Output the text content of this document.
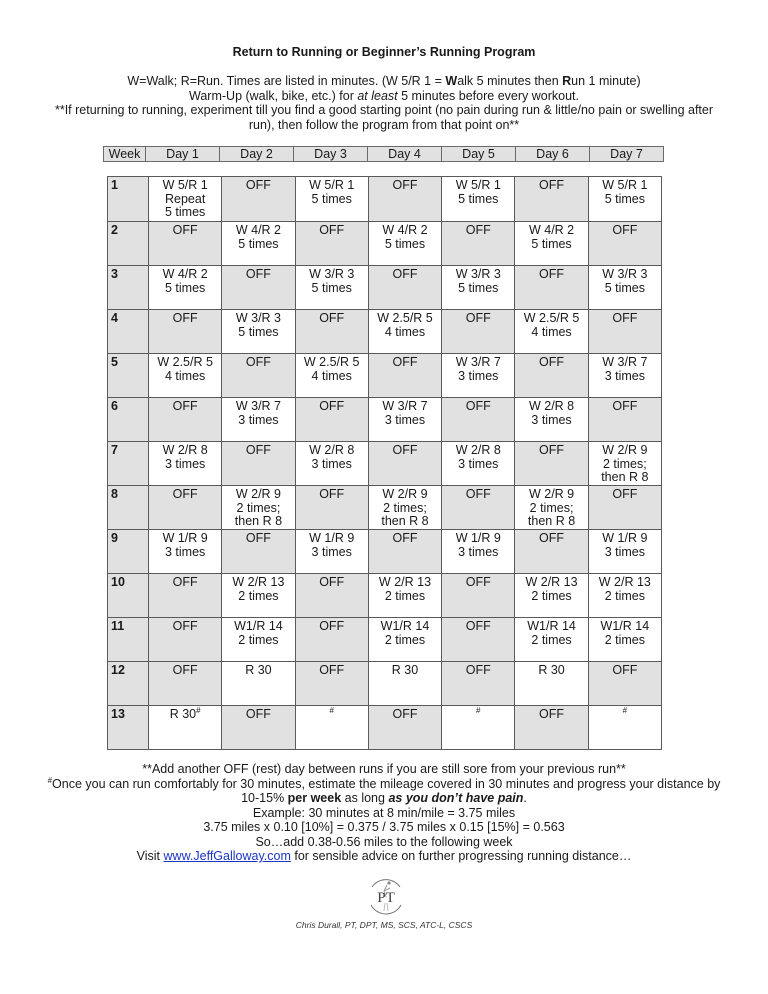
Return to Running or Beginner’s Running Program
W=Walk; R=Run. Times are listed in minutes. (W 5/R 1 = Walk 5 minutes then Run 1 minute)
Warm-Up (walk, bike, etc.) for at least 5 minutes before every workout.
**If returning to running, experiment till you find a good starting point (no pain during run & little/no pain or swelling after
run), then follow the program from that point on**
Week	Day 1	Day 2	Day 3	Day 4	Day 5	Day 6	Day 7
1	W 5/R 1
Repeat
5 times	OFF	W 5/R 1
5 times	OFF	W 5/R 1
5 times	OFF	W 5/R 1
5 times

2	OFF	W 4/R 2
5 times	OFF	W 4/R 2
5 times	OFF	W 4/R 2
5 times	OFF

3	W 4/R 2
5 times	OFF	W 3/R 3
5 times	OFF	W 3/R 3
5 times	OFF	W 3/R 3
5 times

4	OFF	W 3/R 3
5 times	OFF	W 2.5/R 5
4 times	OFF	W 2.5/R 5
4 times	OFF

5	W 2.5/R 5
4 times	OFF	W 2.5/R 5
4 times	OFF	W 3/R 7
3 times	OFF	W 3/R 7
3 times

6	OFF	W 3/R 7
3 times	OFF	W 3/R 7
3 times	OFF	W 2/R 8
3 times	OFF

7	W 2/R 8
3 times	OFF	W 2/R 8
3 times	OFF	W 2/R 8
3 times	OFF	W 2/R 9
2 times;
then R 8

8	OFF	W 2/R 9
2 times;
then R 8	OFF	W 2/R 9
2 times;
then R 8	OFF	W 2/R 9
2 times;
then R 8	OFF

9	W 1/R 9
3 times	OFF	W 1/R 9
3 times	OFF	W 1/R 9
3 times	OFF	W 1/R 9
3 times

10	OFF	W 2/R 13
2 times	OFF	W 2/R 13
2 times	OFF	W 2/R 13
2 times	W 2/R 13
2 times

11	OFF	W1/R 14
2 times	OFF	W1/R 14
2 times	OFF	W1/R 14
2 times	W1/R 14
2 times

12	OFF	R 30	OFF	R 30	OFF	R 30	OFF

13	R 30#	OFF	#	OFF	#	OFF	#
**Add another OFF (rest) day between runs if you are still sore from your previous run**
#Once you can run comfortably for 30 minutes, estimate the mileage covered in 30 minutes and progress your distance by
10-15% per week as long as you don’t have pain.
Example: 30 minutes at 8 min/mile = 3.75 miles
3.75 miles x 0.10 [10%] = 0.375 / 3.75 miles x 0.15 [15%] = 0.563
So…add 0.38-0.56 miles to the following week
Visit www.JeffGalloway.com for sensible advice on further progressing running distance…
PT
Chris Durall, PT, DPT, MS, SCS, ATC-L, CSCS
